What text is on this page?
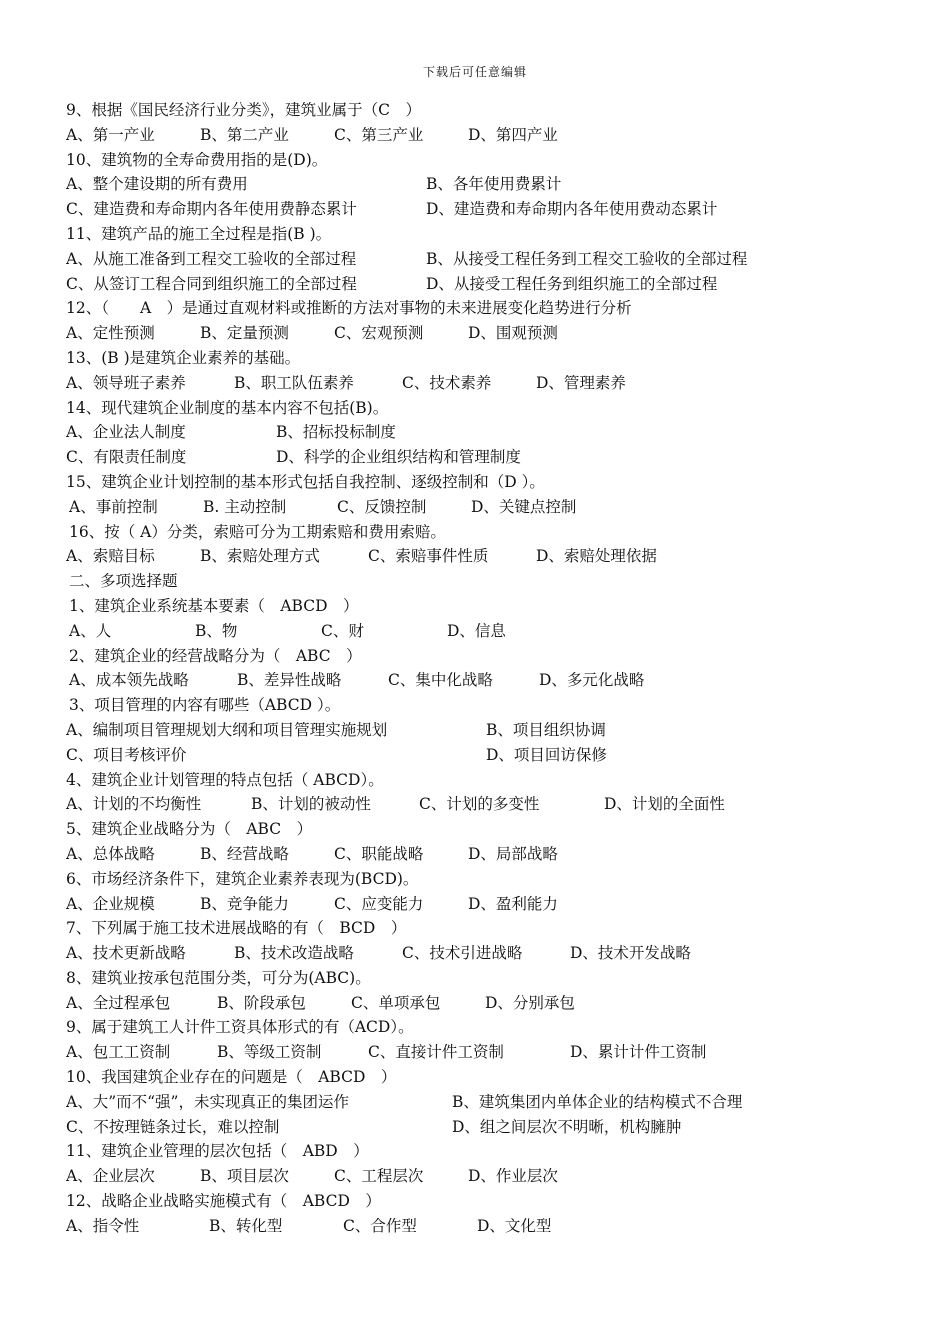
下载后可任意编辑
9、根据《国民经济行业分类》，建筑业属于（C　）
A、第一产业	B、第二产业	C、第三产业	D、第四产业
10、建筑物的全寿命费用指的是(D)。
A、整个建设期的所有费用	B、各年使用费累计
C、建造费和寿命期内各年使用费静态累计	D、建造费和寿命期内各年使用费动态累计
11、建筑产品的施工全过程是指(B )。
A、从施工准备到工程交工验收的全部过程	B、从接受工程任务到工程交工验收的全部过程
C、从签订工程合同到组织施工的全部过程	D、从接受工程任务到组织施工的全部过程
12、（　　A　）是通过直观材料或推断的方法对事物的未来进展变化趋势进行分析
A、定性预测	B、定量预测	C、宏观预测	D、围观预测
13、(B )是建筑企业素养的基础。
A、领导班子素养	B、职工队伍素养	C、技术素养	D、管理素养
14、现代建筑企业制度的基本内容不包括(B)。
A、企业法人制度	B、招标投标制度
C、有限责任制度	D、科学的企业组织结构和管理制度
15、建筑企业计划控制的基本形式包括自我控制、逐级控制和（D ）。
A、事前控制	B. 主动控制	C、反馈控制	D、关键点控制
16、按（ A）分类，索赔可分为工期索赔和费用索赔。
A、索赔目标	B、索赔处理方式	C、索赔事件性质	D、索赔处理依据
二、多项选择题
1、建筑企业系统基本要素（　ABCD　）
A、人	B、物	C、财	D、信息
2、建筑企业的经营战略分为（　ABC　）
A、成本领先战略	B、差异性战略	C、集中化战略	D、多元化战略
3、项目管理的内容有哪些（ABCD ）。
A、编制项目管理规划大纲和项目管理实施规划	B、项目组织协调
C、项目考核评价	D、项目回访保修
4、建筑企业计划管理的特点包括（ ABCD）。
A、计划的不均衡性	B、计划的被动性	C、计划的多变性	D、计划的全面性
5、建筑企业战略分为（　ABC　）
A、总体战略	B、经营战略	C、职能战略	D、局部战略
6、市场经济条件下，建筑企业素养表现为(BCD)。
A、企业规模	B、竞争能力	C、应变能力	D、盈利能力
7、下列属于施工技术进展战略的有（　BCD　）
A、技术更新战略	B、技术改造战略	C、技术引进战略	D、技术开发战略
8、建筑业按承包范围分类，可分为(ABC)。
A、全过程承包	B、阶段承包	C、单项承包	D、分别承包
9、属于建筑工人计件工资具体形式的有（ACD）。
A、包工工资制	B、等级工资制	C、直接计件工资制	D、累计计件工资制
10、我国建筑企业存在的问题是（　ABCD　）
A、大”而不“强”，未实现真正的集团运作	B、建筑集团内单体企业的结构模式不合理
C、不按理链条过长，难以控制	D、组之间层次不明晰，机构臃肿
11、建筑企业管理的层次包括（　ABD　）
A、企业层次	B、项目层次	C、工程层次	D、作业层次
12、战略企业战略实施模式有（　ABCD　）
A、指令性	B、转化型	C、合作型	D、文化型
